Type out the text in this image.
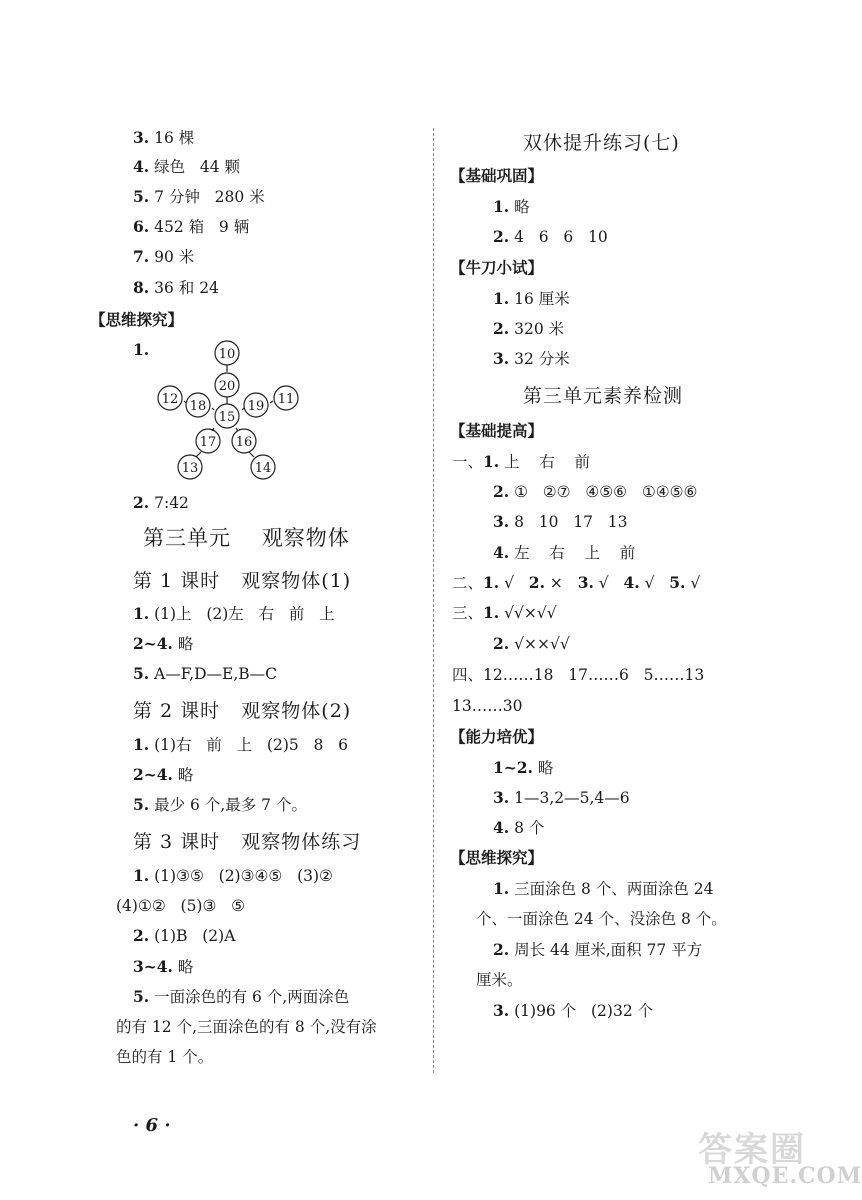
3. 16 棵
4. 绿色   44 颗
5. 7 分钟   280 米
6. 452 箱   9 辆
7. 90 米
8. 36 和 24
【思维探究】
1.	10
20
12 18
15
19 11
17 16
13	14
2. 7:42
第三单元    观察物体
第 1 课时   观察物体(1)
1. (1)上   (2)左   右   前   上
2~4. 略
5. A—F,D—E,B—C
第 2 课时   观察物体(2)
1. (1)右   前   上   (2)5   8   6
2~4. 略
5. 最少 6 个,最多 7 个。
第 3 课时   观察物体练习
1. (1)③⑤   (2)③④⑤   (3)②
(4)①②   (5)③   ⑤
2. (1)B   (2)A
3~4. 略
5. 一面涂色的有 6 个,两面涂色
的有 12 个,三面涂色的有 8 个,没有涂
色的有 1 个。
双休提升练习(七)
【基础巩固】
1. 略
2. 4   6   6   10
【牛刀小试】
1. 16 厘米
2. 320 米
3. 32 分米
第三单元素养检测
【基础提高】
一、1. 上    右    前
2. ①   ②⑦   ④⑤⑥   ①④⑤⑥
3. 8   10   17   13
4. 左    右    上    前
二、1. √   2. ×   3. √   4. √   5. √
三、1. √√×√√
2. √××√√
四、12……18   17……6   5……13
13……30
【能力培优】
1~2. 略
3. 1—3,2—5,4—6
4. 8 个
【思维探究】
1. 三面涂色 8 个、两面涂色 24
个、一面涂色 24 个、没涂色 8 个。
2. 周长 44 厘米,面积 77 平方
厘米。
3. (1)96 个   (2)32 个
· 6 ·
答案圈
MXQE.COM
